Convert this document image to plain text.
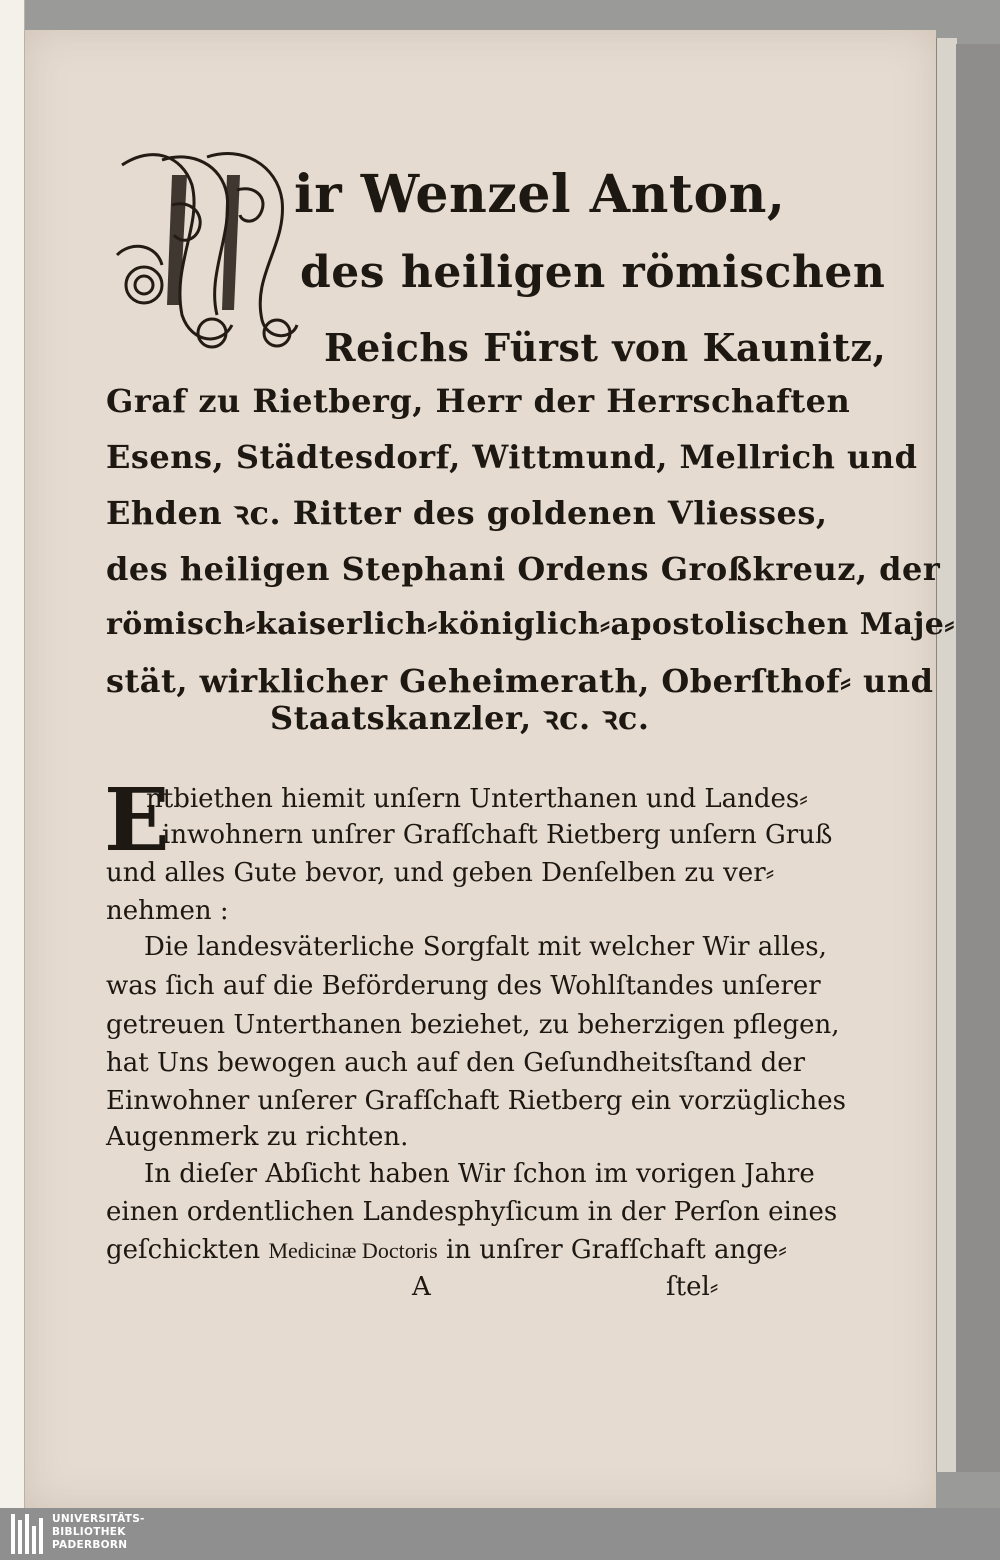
ir Wenzel Anton,
des heiligen römischen
Reichs Fürst von Kaunitz,
Graf zu Rietberg, Herr der Herrschaften
Esens, Städtesdorf, Wittmund, Mellrich und
Ehden ꝛc. Ritter des goldenen Vliesses,
des heiligen Stephani Ordens Großkreuz, der
römisch⸗kaiserlich⸗königlich⸗apostolischen Maje⸗
stät, wirklicher Geheimerath, Oberſthof⸗ und
Staatskanzler, ꝛc. ꝛc.
E
ntbiethen hiemit unſern Unterthanen und Landes⸗
inwohnern unſrer Grafſchaft Rietberg unſern Gruß
und alles Gute bevor, und geben Denſelben zu ver⸗
nehmen :
Die landesväterliche Sorgfalt mit welcher Wir alles,
was ſich auf die Beförderung des Wohlſtandes unſerer
getreuen Unterthanen beziehet, zu beherzigen pflegen,
hat Uns bewogen auch auf den Geſundheitsſtand der
Einwohner unſerer Grafſchaft Rietberg ein vorzügliches
Augenmerk zu richten.
In dieſer Abſicht haben Wir ſchon im vorigen Jahre
einen ordentlichen Landesphyſicum in der Perſon eines
geſchickten Medicinæ Doctoris in unſrer Grafſchaft ange⸗
A	ſtel⸗
UNIVERSITÄTS-
BIBLIOTHEK
PADERBORN
